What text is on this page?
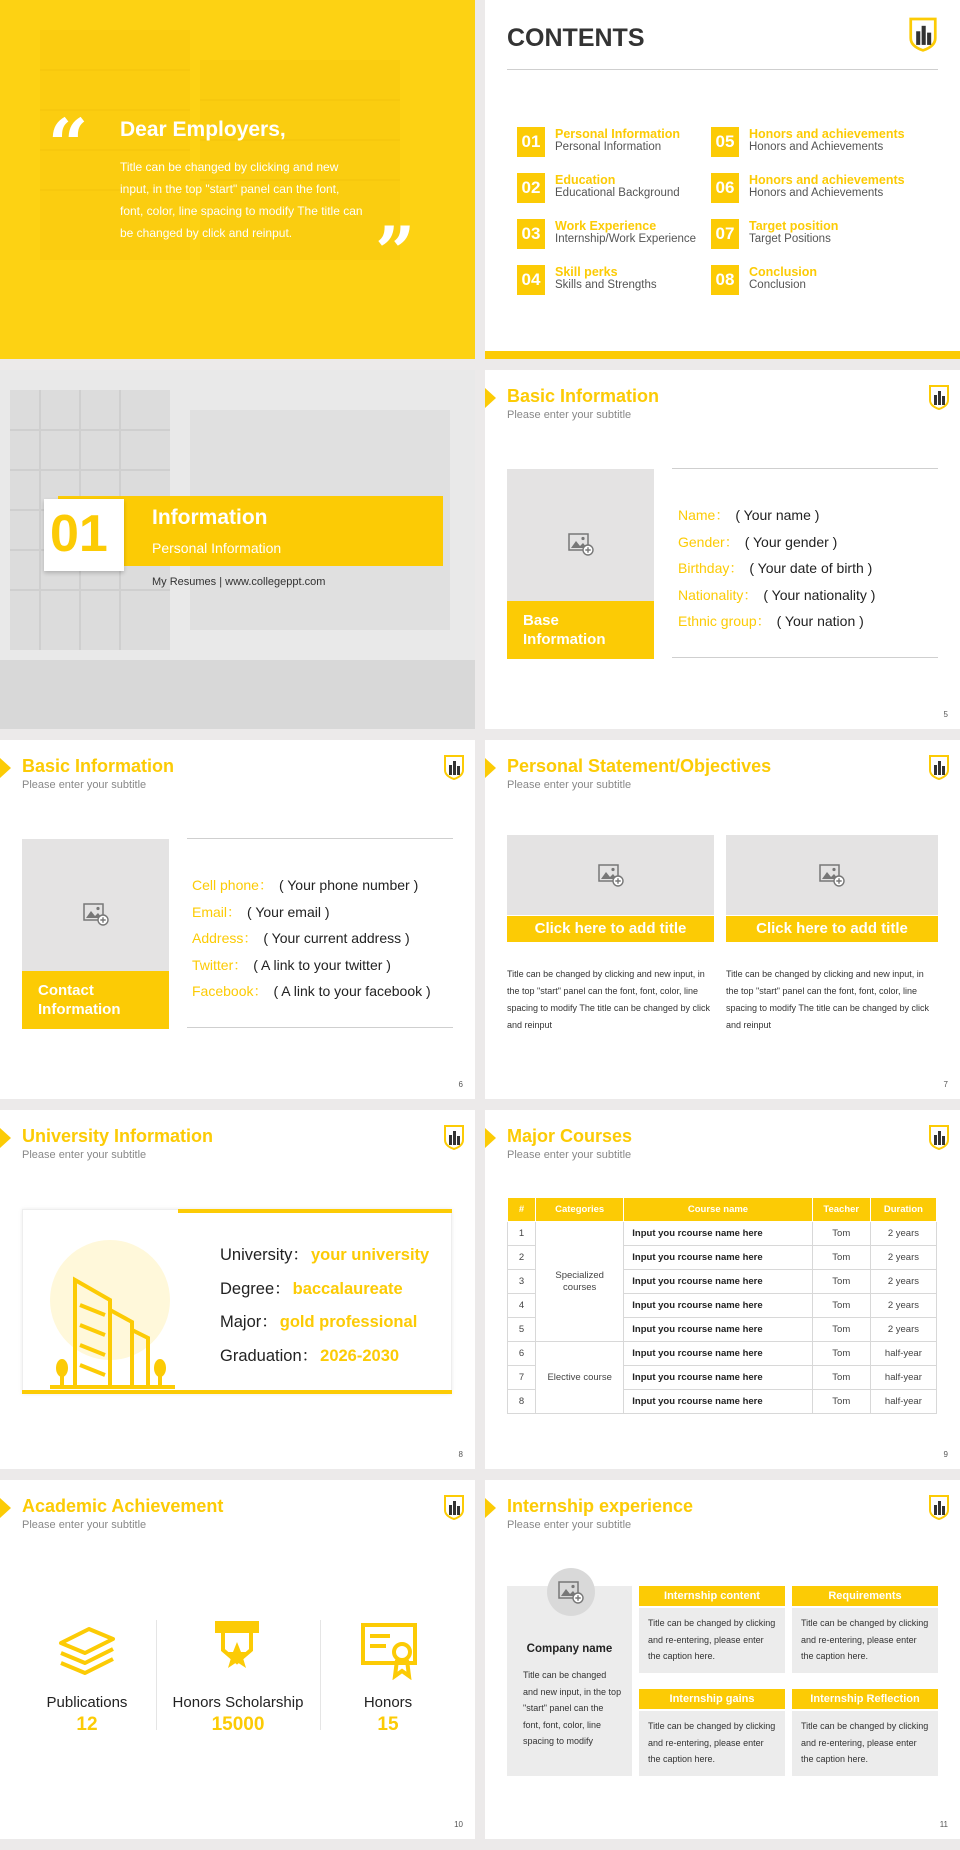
“ Dear Employers,
Title can be changed by clicking and new input, in the top "start" panel can the font, font, color, line spacing to modify The title can be changed by click and reinput.	”
CONTENTS
01	Personal Information
Personal Information
02	Education
Educational Background
03	Work Experience
Internship/Work Experience
04	Skill perks
Skills and Strengths
05	Honors and achievements
Honors and Achievements
06	Honors and achievements
Honors and Achievements
07	Target position
Target Positions
08	Conclusion
Conclusion
01 Information
Personal Information
My Resumes | www.collegeppt.com
Basic Information
Please enter your subtitle
Base Information
Name： ( Your name )
Gender： ( Your gender )
Birthday： ( Your date of birth )
Nationality： ( Your nationality )
Ethnic group： ( Your nation )
5
Basic Information
Please enter your subtitle
Contact Information
Cell phone： ( Your phone number )
Email： ( Your email )
Address： ( Your current address )
Twitter： ( A link to your twitter )
Facebook： ( A link to your facebook )
6
Personal Statement/Objectives
Please enter your subtitle
Click here to add title	Click here to add title
Title can be changed by clicking and new input, in the top "start" panel can the font, font, color, line spacing to modify The title can be changed by click and reinput
Title can be changed by clicking and new input, in the top "start" panel can the font, font, color, line spacing to modify The title can be changed by click and reinput
7
University Information
Please enter your subtitle
University： your university
Degree： baccalaureate
Major： gold professional
Graduation： 2026-2030
8
Major Courses
Please enter your subtitle
#	Categories	Course name	Teacher	Duration
1	Specialized courses	Input you rcourse name here	Tom	2 years
2		Input you rcourse name here	Tom	2 years
3		Input you rcourse name here	Tom	2 years
4		Input you rcourse name here	Tom	2 years
5		Input you rcourse name here	Tom	2 years
6	Elective course	Input you rcourse name here	Tom	half-year
7		Input you rcourse name here	Tom	half-year
8		Input you rcourse name here	Tom	half-year
9
Academic Achievement
Please enter your subtitle
Publications
12
Honors Scholarship
15000
Honors
15
10
Internship experience
Please enter your subtitle
Company name
Title can be changed and new input, in the top "start" panel can the font, font, color, line spacing to modify
Internship content
Title can be changed by clicking and re-entering, please enter the caption here.
Requirements
Title can be changed by clicking and re-entering, please enter the caption here.
Internship gains
Title can be changed by clicking and re-entering, please enter the caption here.
Internship Reflection
Title can be changed by clicking and re-entering, please enter the caption here.
11
